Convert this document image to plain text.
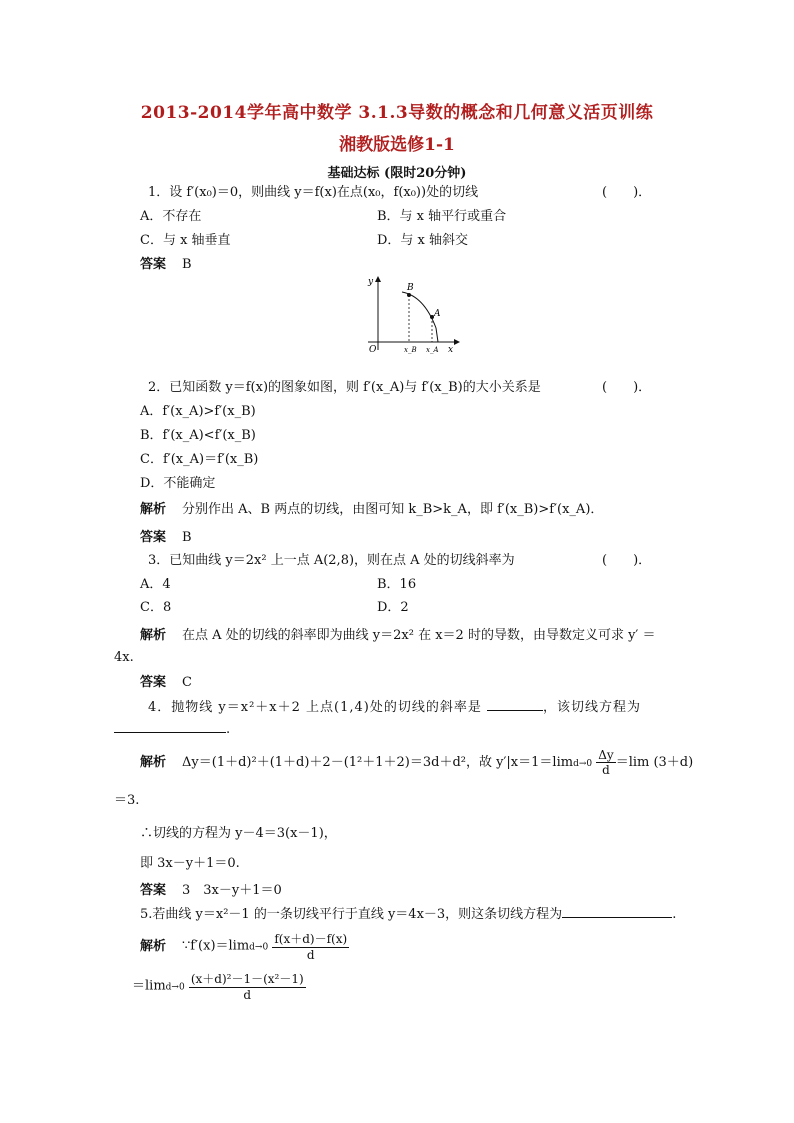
2013-2014学年高中数学 3.1.3导数的概念和几何意义活页训练
湘教版选修1-1
基础达标 (限时20分钟)
1．设 f′(x₀)＝0，则曲线 y＝f(x)在点(x₀，f(x₀))处的切线	(　　)．
A．不存在	B．与 x 轴平行或重合
C．与 x 轴垂直	D．与 x 轴斜交
答案 B
y
x
O
B
A
x_B x_A
2．已知函数 y＝f(x)的图象如图，则 f′(x_A)与 f′(x_B)的大小关系是	(　　)．
A．f′(x_A)>f′(x_B)
B．f′(x_A)<f′(x_B)
C．f′(x_A)＝f′(x_B)
D．不能确定
解析 分别作出 A、B 两点的切线，由图可知 k_B>k_A，即 f′(x_B)>f′(x_A)．
答案 B
3．已知曲线 y＝2x² 上一点 A(2,8)，则在点 A 处的切线斜率为	(　　)．
A．4	B．16
C．8	D．2
解析 在点 A 处的切线的斜率即为曲线 y＝2x² 在 x＝2 时的导数，由导数定义可求 y′ ＝
4x.
答案 C
4．抛物线 y＝x²＋x＋2 上点(1,4)处的切线的斜率是	，该切线方程为
.
解析 Δy＝(1＋d)²＋(1＋d)＋2－(1²＋1＋2)＝3d＋d²，故 $y'|x=1=\lim d\to 0 \frac{\Delta y}{d} =\lim$ (3＋d)
＝3.
∴切线的方程为 y－4＝3(x－1)，
即 3x－y＋1＝0.
答案 3　3x－y＋1＝0
5.若曲线 y＝x²－1 的一条切线平行于直线 y＝4x－3，则这条切线方程为	.
解析 ∵f′(x)＝limd→0 $\frac{f(x+d)-f(x)}{d}$
$=\lim d\to 0 \frac{\text{(x＋d)²－1－(x²－1)}}{d}$
